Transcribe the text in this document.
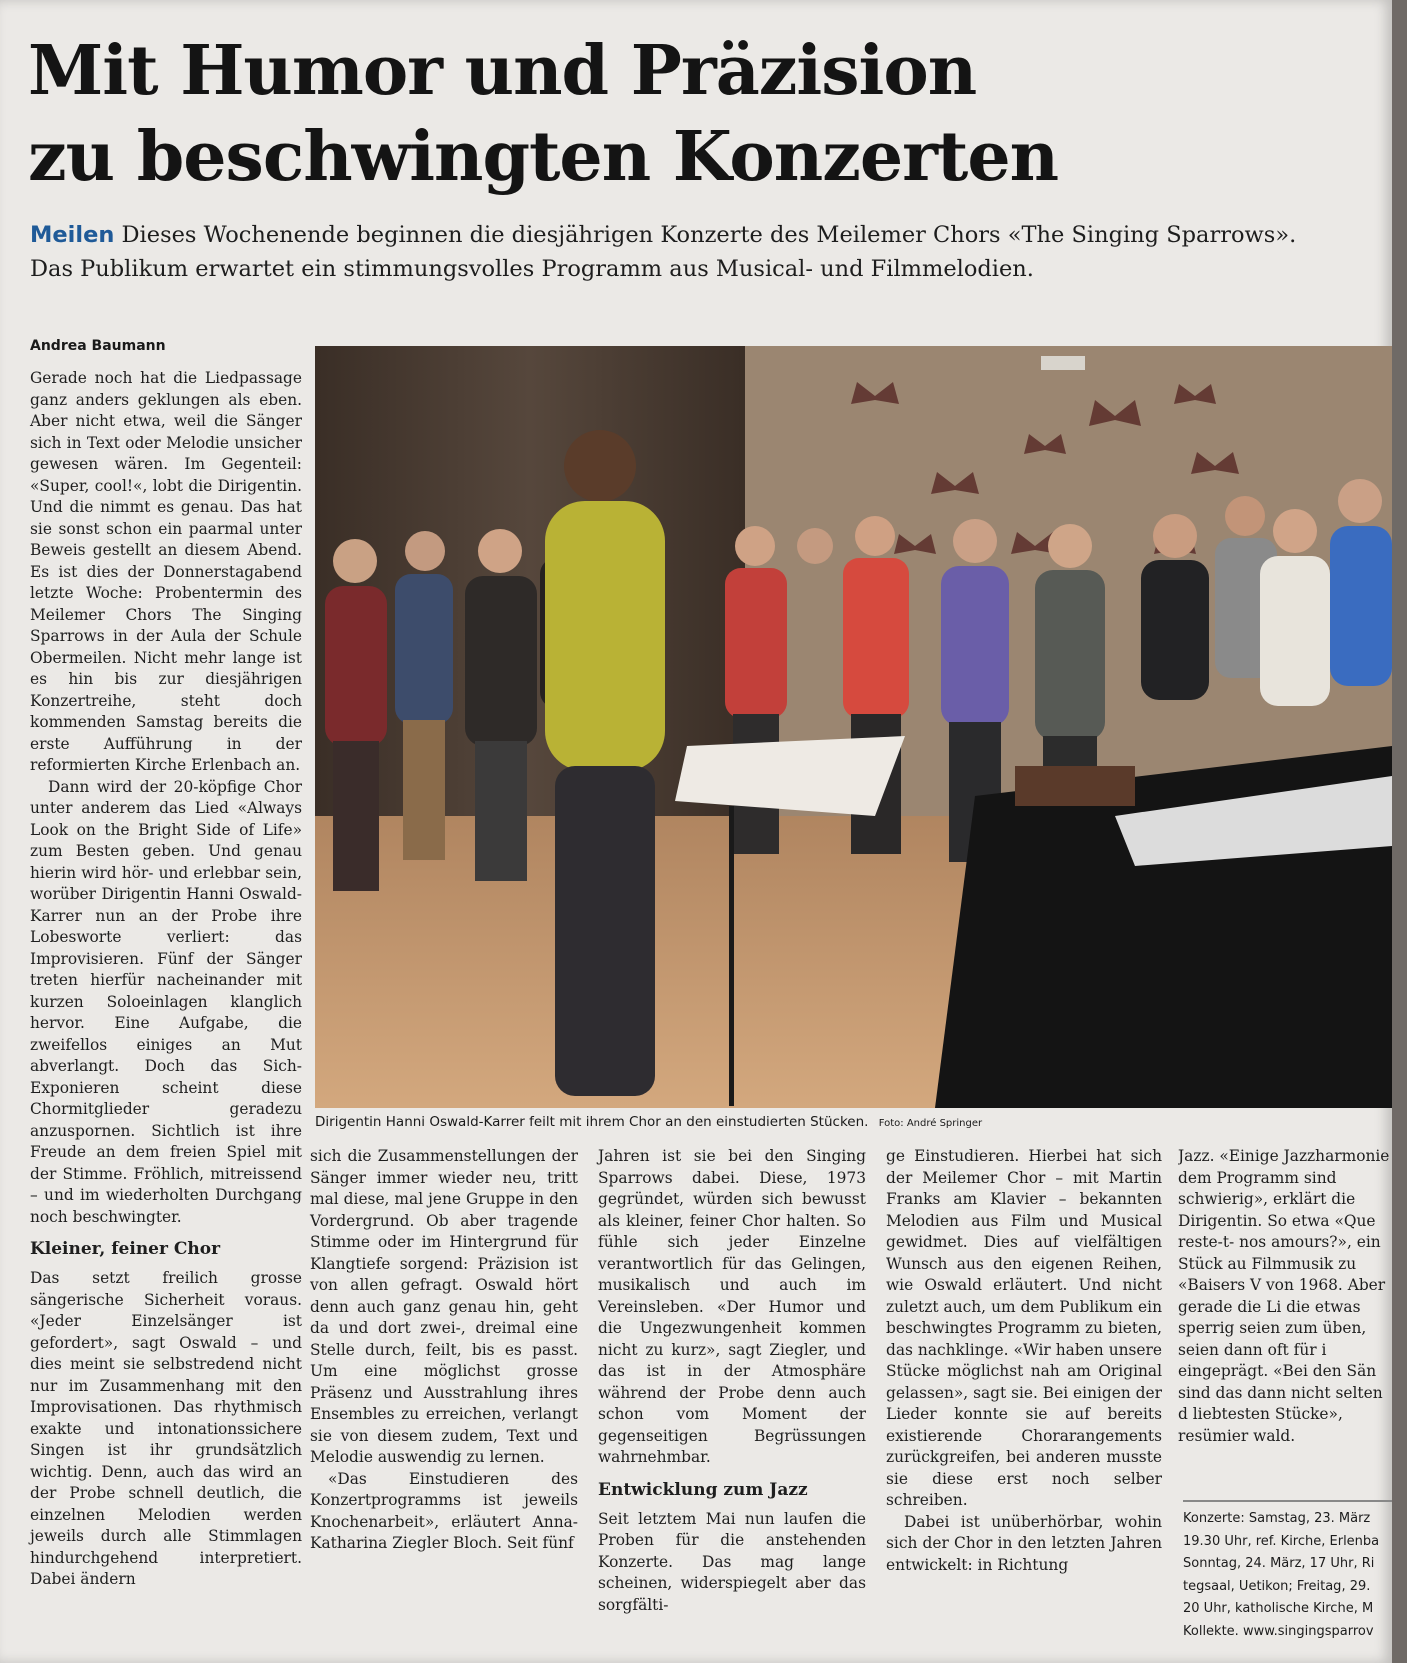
Mit Humor und Präzision
zu beschwingten Konzerten
Meilen Dieses Wochenende beginnen die diesjährigen Konzerte des Meilemer Chors «The Singing Sparrows».
Das Publikum erwartet ein stimmungsvolles Programm aus Musical- und Filmmelodien.
Andrea Baumann

Gerade noch hat die Liedpassage ganz anders geklungen als eben. Aber nicht etwa, weil die Sänger sich in Text oder Melodie unsicher gewesen wären. Im Gegenteil: «Super, cool!«, lobt die Dirigentin. Und die nimmt es genau. Das hat sie sonst schon ein paarmal unter Beweis gestellt an diesem Abend. Es ist dies der Donnerstagabend letzte Woche: Probentermin des Meilemer Chors The Singing Sparrows in der Aula der Schule Obermeilen. Nicht mehr lange ist es hin bis zur diesjährigen Konzertreihe, steht doch kommenden Samstag bereits die erste Aufführung in der reformierten Kirche Erlenbach an.

Dann wird der 20-köpfige Chor unter anderem das Lied «Always Look on the Bright Side of Life» zum Besten geben. Und genau hierin wird hör- und erlebbar sein, worüber Dirigentin Hanni Oswald-Karrer nun an der Probe ihre Lobesworte verliert: das Improvisieren. Fünf der Sänger treten hierfür nacheinander mit kurzen Soloeinlagen klanglich hervor. Eine Aufgabe, die zweifellos einiges an Mut abverlangt. Doch das Sich-Exponieren scheint diese Chormitglieder geradezu anzuspornen. Sichtlich ist ihre Freude an dem freien Spiel mit der Stimme. Fröhlich, mitreissend – und im wiederholten Durchgang noch beschwingter.

Kleiner, feiner Chor

Das setzt freilich grosse sängerische Sicherheit voraus. «Jeder Einzelsänger ist gefordert», sagt Oswald – und dies meint sie selbstredend nicht nur im Zusammenhang mit den Improvisationen. Das rhythmisch exakte und intonationssichere Singen ist ihr grundsätzlich wichtig. Denn, auch das wird an der Probe schnell deutlich, die einzelnen Melodien werden jeweils durch alle Stimmlagen hindurchgehend interpretiert. Dabei ändern

Dirigentin Hanni Oswald-Karrer feilt mit ihrem Chor an den einstudierten Stücken. Foto: André Springer

sich die Zusammenstellungen der Sänger immer wieder neu, tritt mal diese, mal jene Gruppe in den Vordergrund. Ob aber tragende Stimme oder im Hintergrund für Klangtiefe sorgend: Präzision ist von allen gefragt. Oswald hört denn auch ganz genau hin, geht da und dort zwei-, dreimal eine Stelle durch, feilt, bis es passt. Um eine möglichst grosse Präsenz und Ausstrahlung ihres Ensembles zu erreichen, verlangt sie von diesem zudem, Text und Melodie auswendig zu lernen.

«Das Einstudieren des Konzertprogramms ist jeweils Knochenarbeit», erläutert Anna-Katharina Ziegler Bloch. Seit fünf

Jahren ist sie bei den Singing Sparrows dabei. Diese, 1973 gegründet, würden sich bewusst als kleiner, feiner Chor halten. So fühle sich jeder Einzelne verantwortlich für das Gelingen, musikalisch und auch im Vereinsleben. «Der Humor und die Ungezwungenheit kommen nicht zu kurz», sagt Ziegler, und das ist in der Atmosphäre während der Probe denn auch schon vom Moment der gegenseitigen Begrüssungen wahrnehmbar.

Entwicklung zum Jazz

Seit letztem Mai nun laufen die Proben für die anstehenden Konzerte. Das mag lange scheinen, widerspiegelt aber das sorgfälti-

ge Einstudieren. Hierbei hat sich der Meilemer Chor – mit Martin Franks am Klavier – bekannten Melodien aus Film und Musical gewidmet. Dies auf vielfältigen Wunsch aus den eigenen Reihen, wie Oswald erläutert. Und nicht zuletzt auch, um dem Publikum ein beschwingtes Programm zu bieten, das nachklinge. «Wir haben unsere Stücke möglichst nah am Original gelassen», sagt sie. Bei einigen der Lieder konnte sie auf bereits existierende Chorarangements zurückgreifen, bei anderen musste sie diese erst noch selber schreiben.

Dabei ist unüberhörbar, wohin sich der Chor in den letzten Jahren entwickelt: in Richtung

Jazz. «Einige Jazzharmonie dem Programm sind schwierig», erklärt die Dirigentin. So etwa «Que reste-t- nos amours?», ein Stück au Filmmusik zu «Baisers V von 1968. Aber gerade die Li die etwas sperrig seien zum üben, seien dann oft für i eingeprägt. «Bei den Sän sind das dann nicht selten d liebtesten Stücke», resümier wald.

Konzerte: Samstag, 23. März
19.30 Uhr, ref. Kirche, Erlenba
Sonntag, 24. März, 17 Uhr, Ri
tegsaal, Uetikon; Freitag, 29.
20 Uhr, katholische Kirche, M
Kollekte. www.singingsparrov
